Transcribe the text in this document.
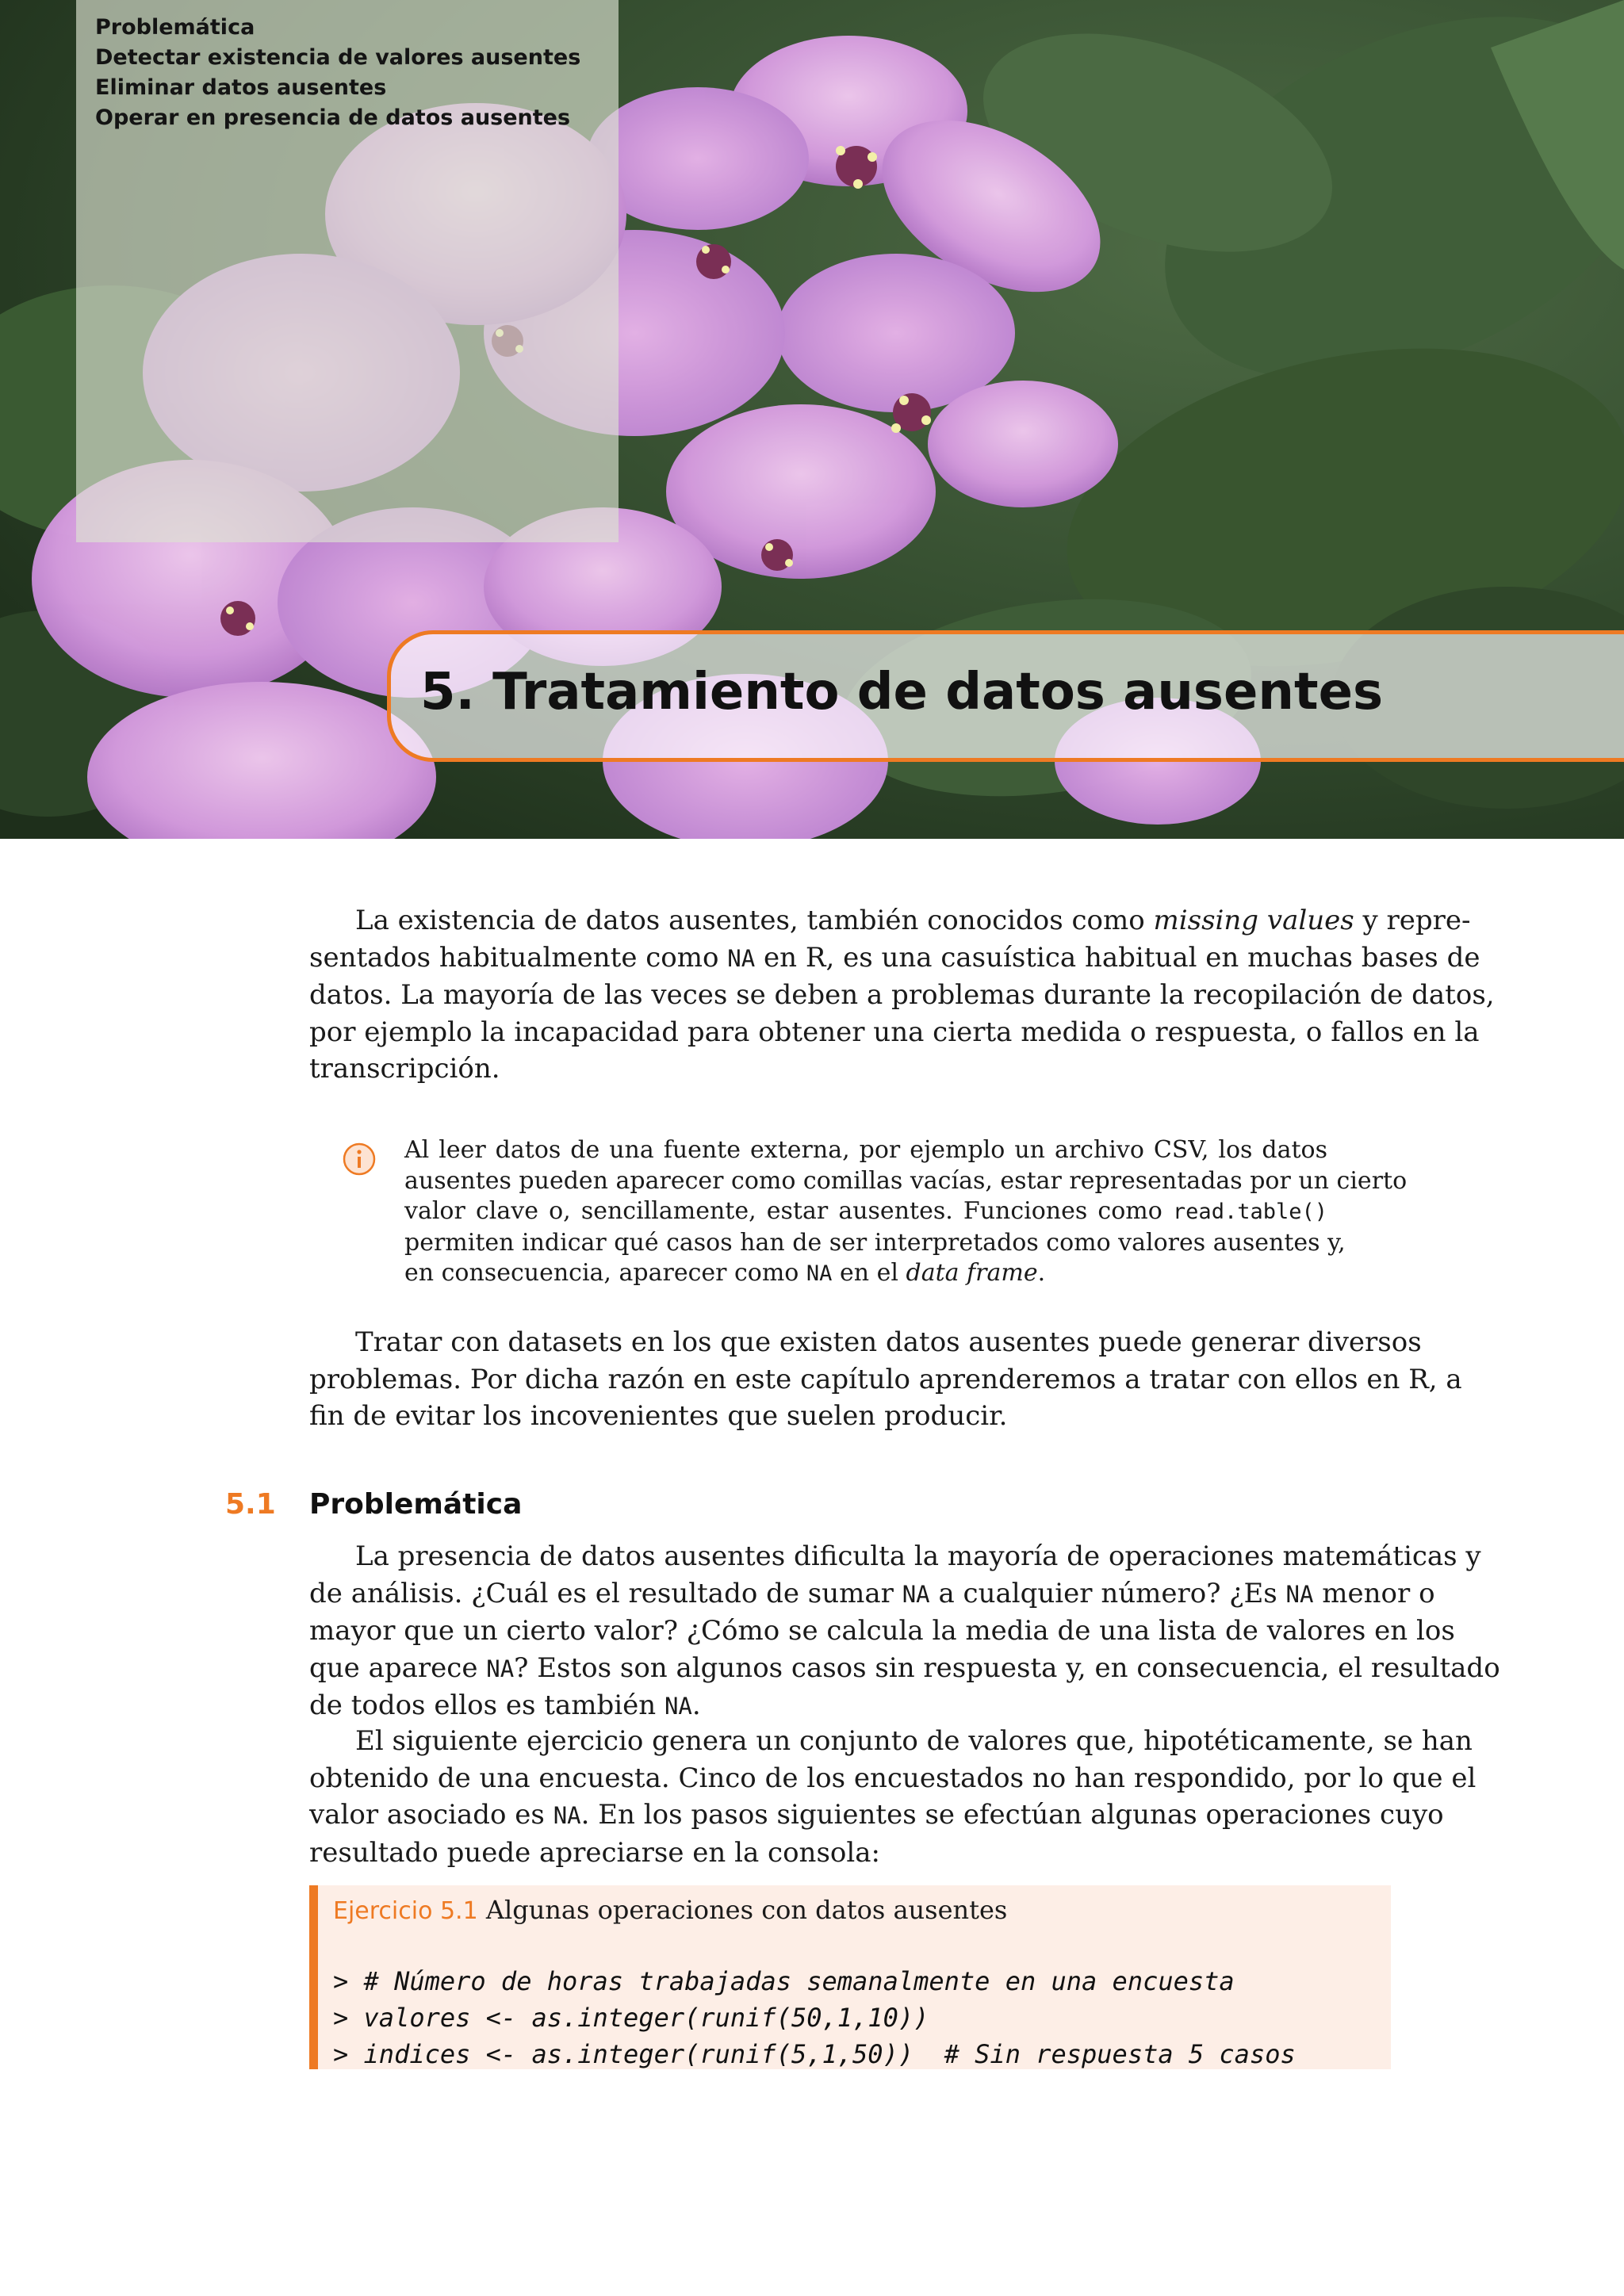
Problemática
Detectar existencia de valores ausentes
Eliminar datos ausentes
Operar en presencia de datos ausentes
5. Tratamiento de datos ausentes
La existencia de datos ausentes, también conocidos como missing values y repre-
sentados habitualmente como NA en R, es una casuística habitual en muchas bases de
datos. La mayoría de las veces se deben a problemas durante la recopilación de datos,
por ejemplo la incapacidad para obtener una cierta medida o respuesta, o fallos en la
transcripción.
Al leer datos de una fuente externa, por ejemplo un archivo CSV, los datos
ausentes pueden aparecer como comillas vacías, estar representadas por un cierto
valor clave o, sencillamente, estar ausentes. Funciones como read.table()
permiten indicar qué casos han de ser interpretados como valores ausentes y,
en consecuencia, aparecer como NA en el data frame.
Tratar con datasets en los que existen datos ausentes puede generar diversos
problemas. Por dicha razón en este capítulo aprenderemos a tratar con ellos en R, a
fin de evitar los incovenientes que suelen producir.
5.1 Problemática
La presencia de datos ausentes dificulta la mayoría de operaciones matemáticas y
de análisis. ¿Cuál es el resultado de sumar NA a cualquier número? ¿Es NA menor o
mayor que un cierto valor? ¿Cómo se calcula la media de una lista de valores en los
que aparece NA? Estos son algunos casos sin respuesta y, en consecuencia, el resultado
de todos ellos es también NA.
El siguiente ejercicio genera un conjunto de valores que, hipotéticamente, se han
obtenido de una encuesta. Cinco de los encuestados no han respondido, por lo que el
valor asociado es NA. En los pasos siguientes se efectúan algunas operaciones cuyo
resultado puede apreciarse en la consola:
Ejercicio 5.1 Algunas operaciones con datos ausentes
> # Número de horas trabajadas semanalmente en una encuesta
> valores <- as.integer(runif(50,1,10))
> indices <- as.integer(runif(5,1,50))  # Sin respuesta 5 casos
